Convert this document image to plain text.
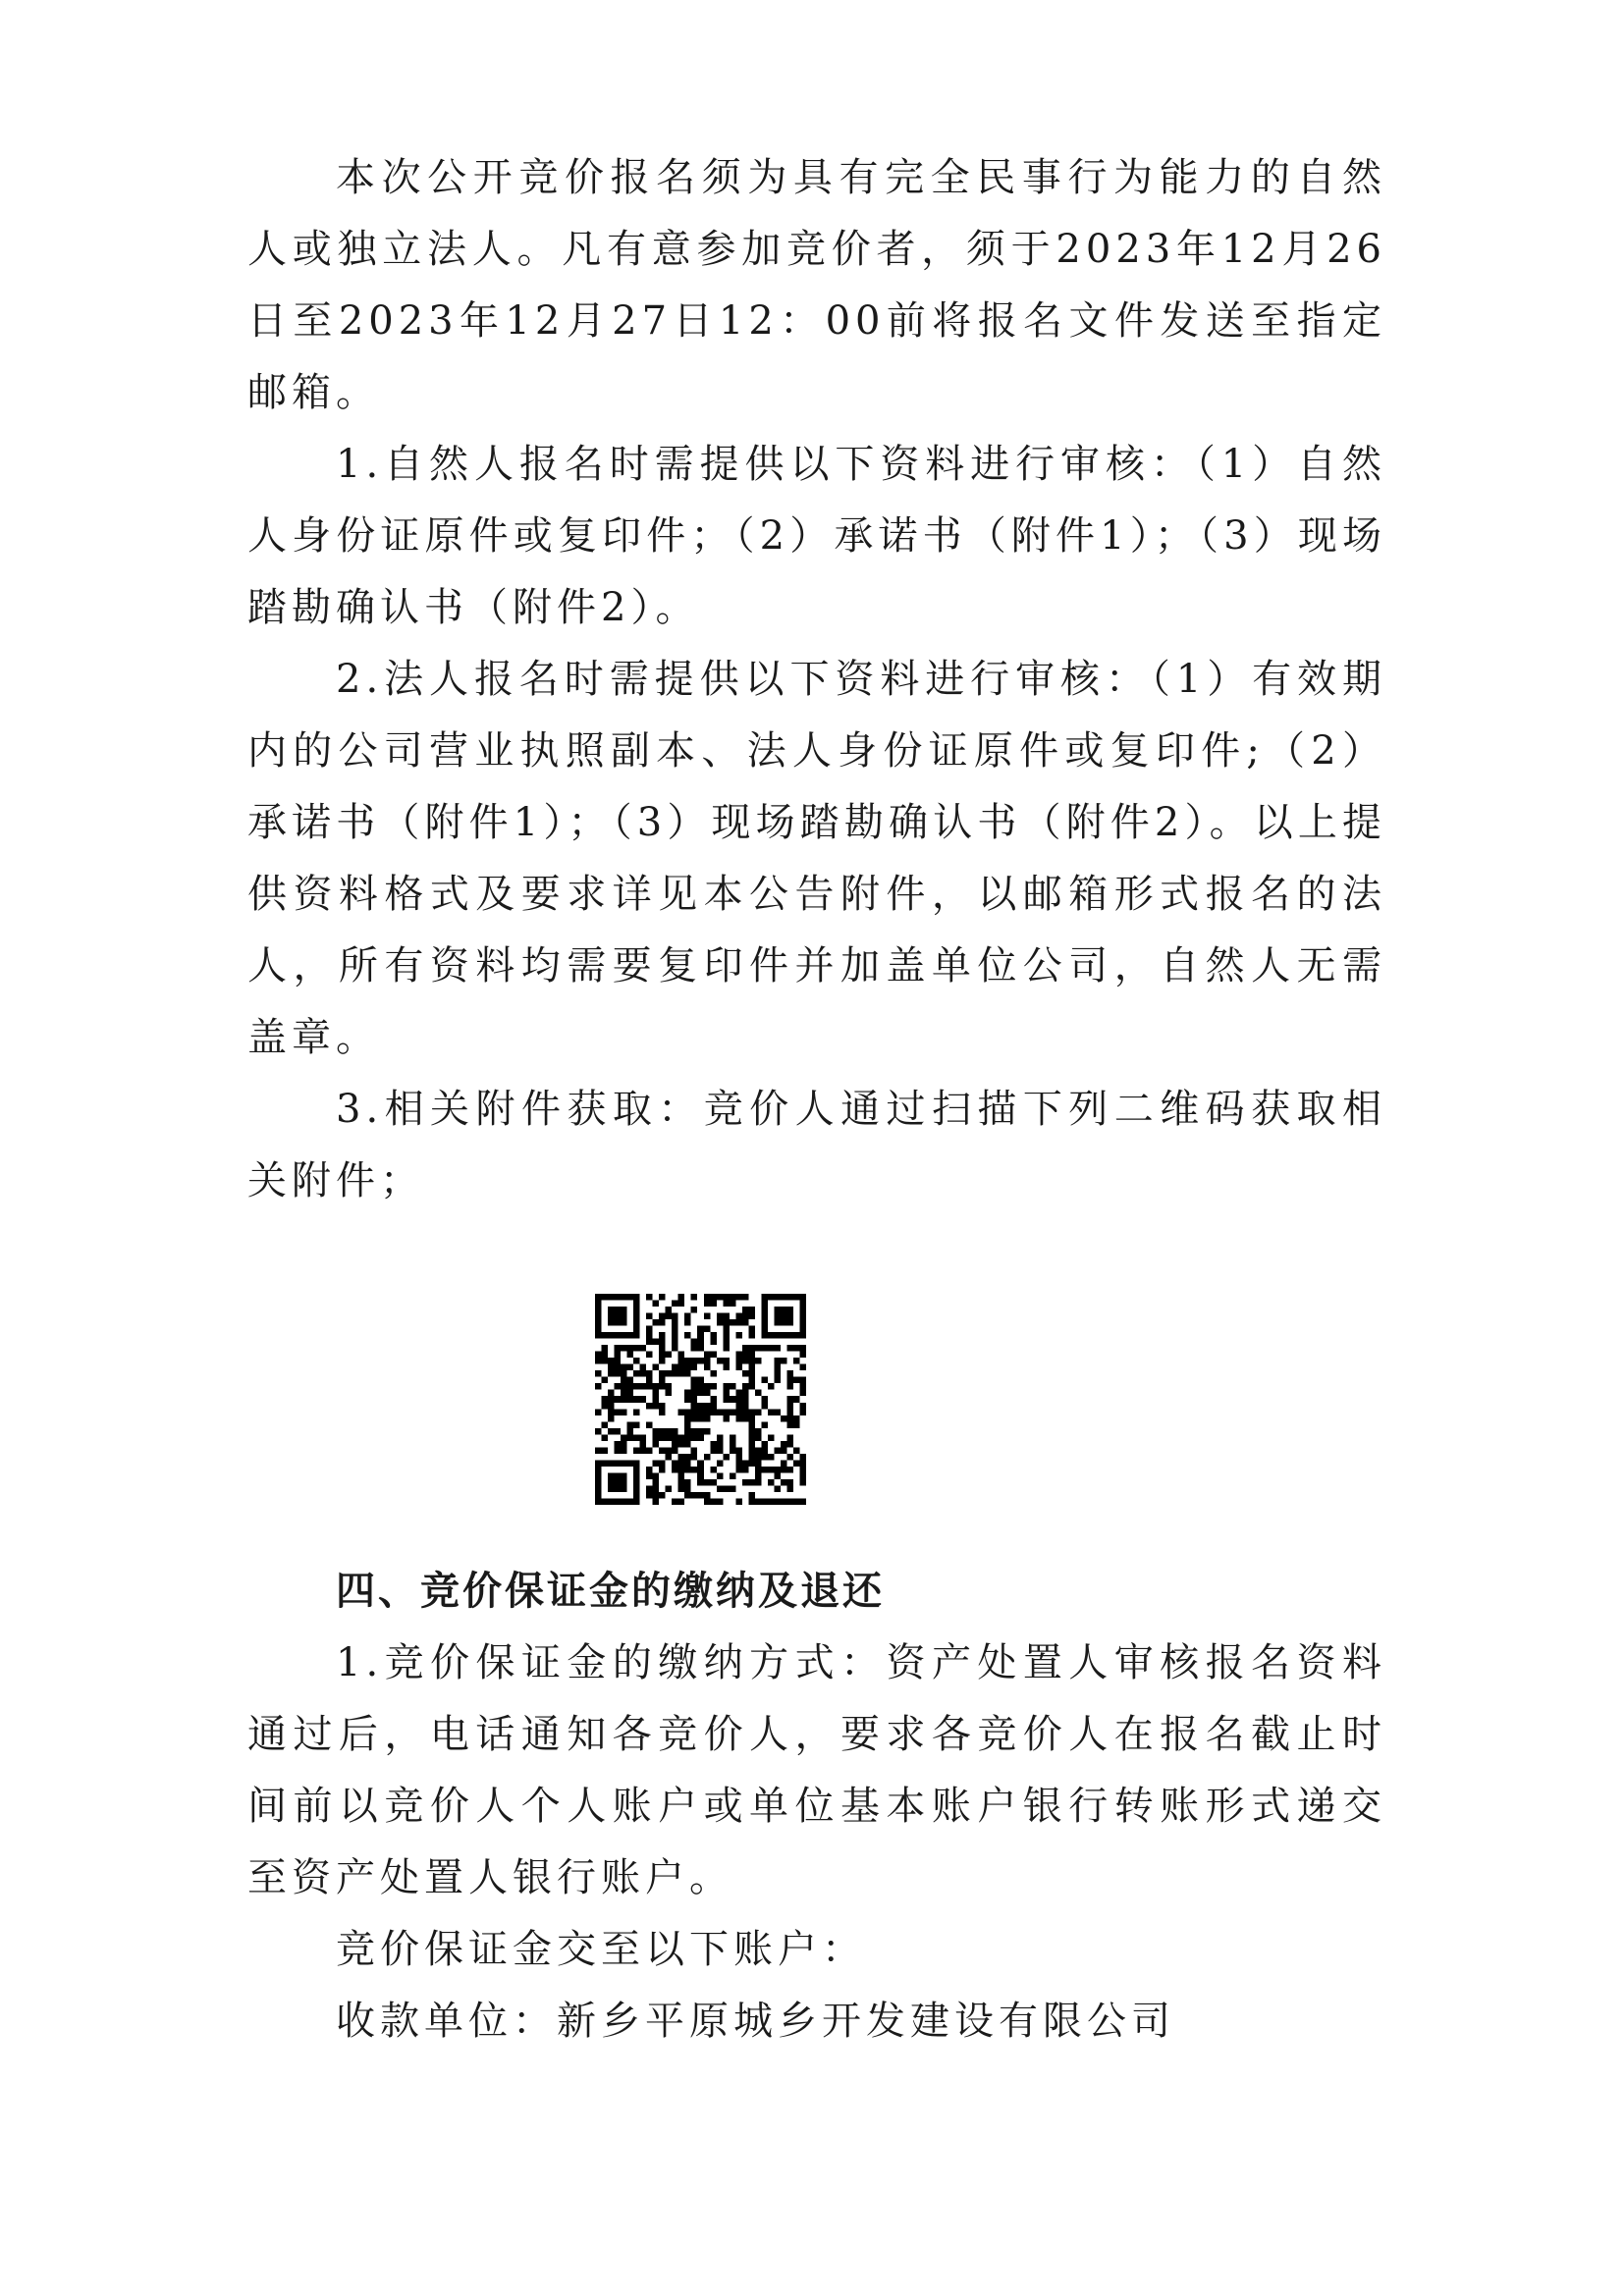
本次公开竞价报名须为具有完全民事行为能力的自然人或独立法人。凡有意参加竞价者，须于2023年12月26日至2023年12月27日12：00前将报名文件发送至指定邮箱。

1.自然人报名时需提供以下资料进行审核：（1）自然人身份证原件或复印件；（2）承诺书（附件1）；（3）现场踏勘确认书（附件2）。

2.法人报名时需提供以下资料进行审核：（1）有效期内的公司营业执照副本、法人身份证原件或复印件;（2）承诺书（附件1）；（3）现场踏勘确认书（附件2）。以上提供资料格式及要求详见本公告附件，以邮箱形式报名的法人，所有资料均需要复印件并加盖单位公司，自然人无需盖章。

3.相关附件获取：竞价人通过扫描下列二维码获取相关附件；

四、竞价保证金的缴纳及退还

1.竞价保证金的缴纳方式：资产处置人审核报名资料通过后，电话通知各竞价人，要求各竞价人在报名截止时间前以竞价人个人账户或单位基本账户银行转账形式递交至资产处置人银行账户。

竞价保证金交至以下账户：

收款单位：新乡平原城乡开发建设有限公司
